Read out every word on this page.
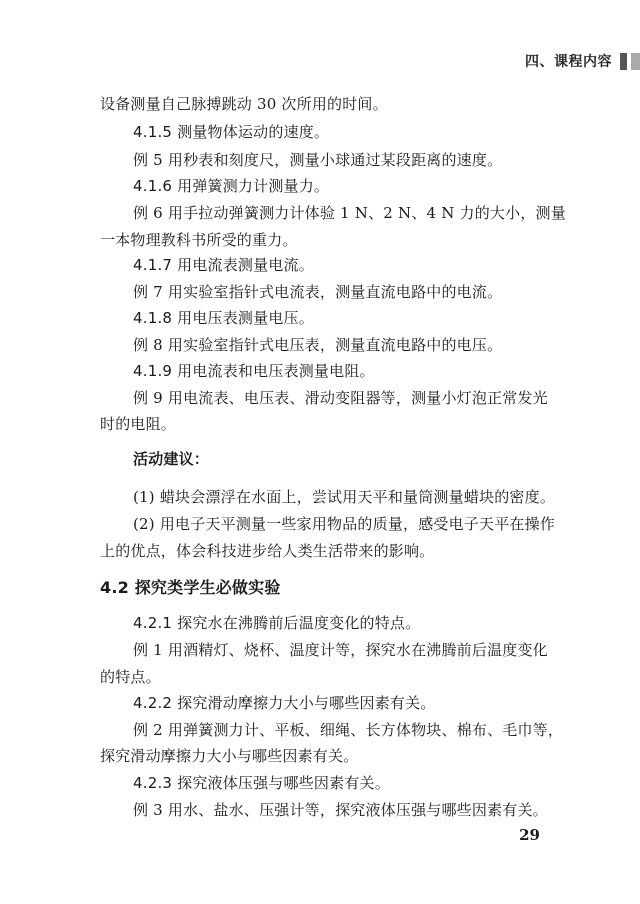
四、课程内容
设备测量自己脉搏跳动 30 次所用的时间。
4.1.5 测量物体运动的速度。
例 5 用秒表和刻度尺，测量小球通过某段距离的速度。
4.1.6 用弹簧测力计测量力。
例 6 用手拉动弹簧测力计体验 1 N、2 N、4 N 力的大小，测量
一本物理教科书所受的重力。
4.1.7 用电流表测量电流。
例 7 用实验室指针式电流表，测量直流电路中的电流。
4.1.8 用电压表测量电压。
例 8 用实验室指针式电压表，测量直流电路中的电压。
4.1.9 用电流表和电压表测量电阻。
例 9 用电流表、电压表、滑动变阻器等，测量小灯泡正常发光
时的电阻。
活动建议：
(1) 蜡块会漂浮在水面上，尝试用天平和量筒测量蜡块的密度。
(2) 用电子天平测量一些家用物品的质量，感受电子天平在操作
上的优点，体会科技进步给人类生活带来的影响。
4.2 探究类学生必做实验
4.2.1 探究水在沸腾前后温度变化的特点。
例 1 用酒精灯、烧杯、温度计等，探究水在沸腾前后温度变化
的特点。
4.2.2 探究滑动摩擦力大小与哪些因素有关。
例 2 用弹簧测力计、平板、细绳、长方体物块、棉布、毛巾等，
探究滑动摩擦力大小与哪些因素有关。
4.2.3 探究液体压强与哪些因素有关。
例 3 用水、盐水、压强计等，探究液体压强与哪些因素有关。
29
